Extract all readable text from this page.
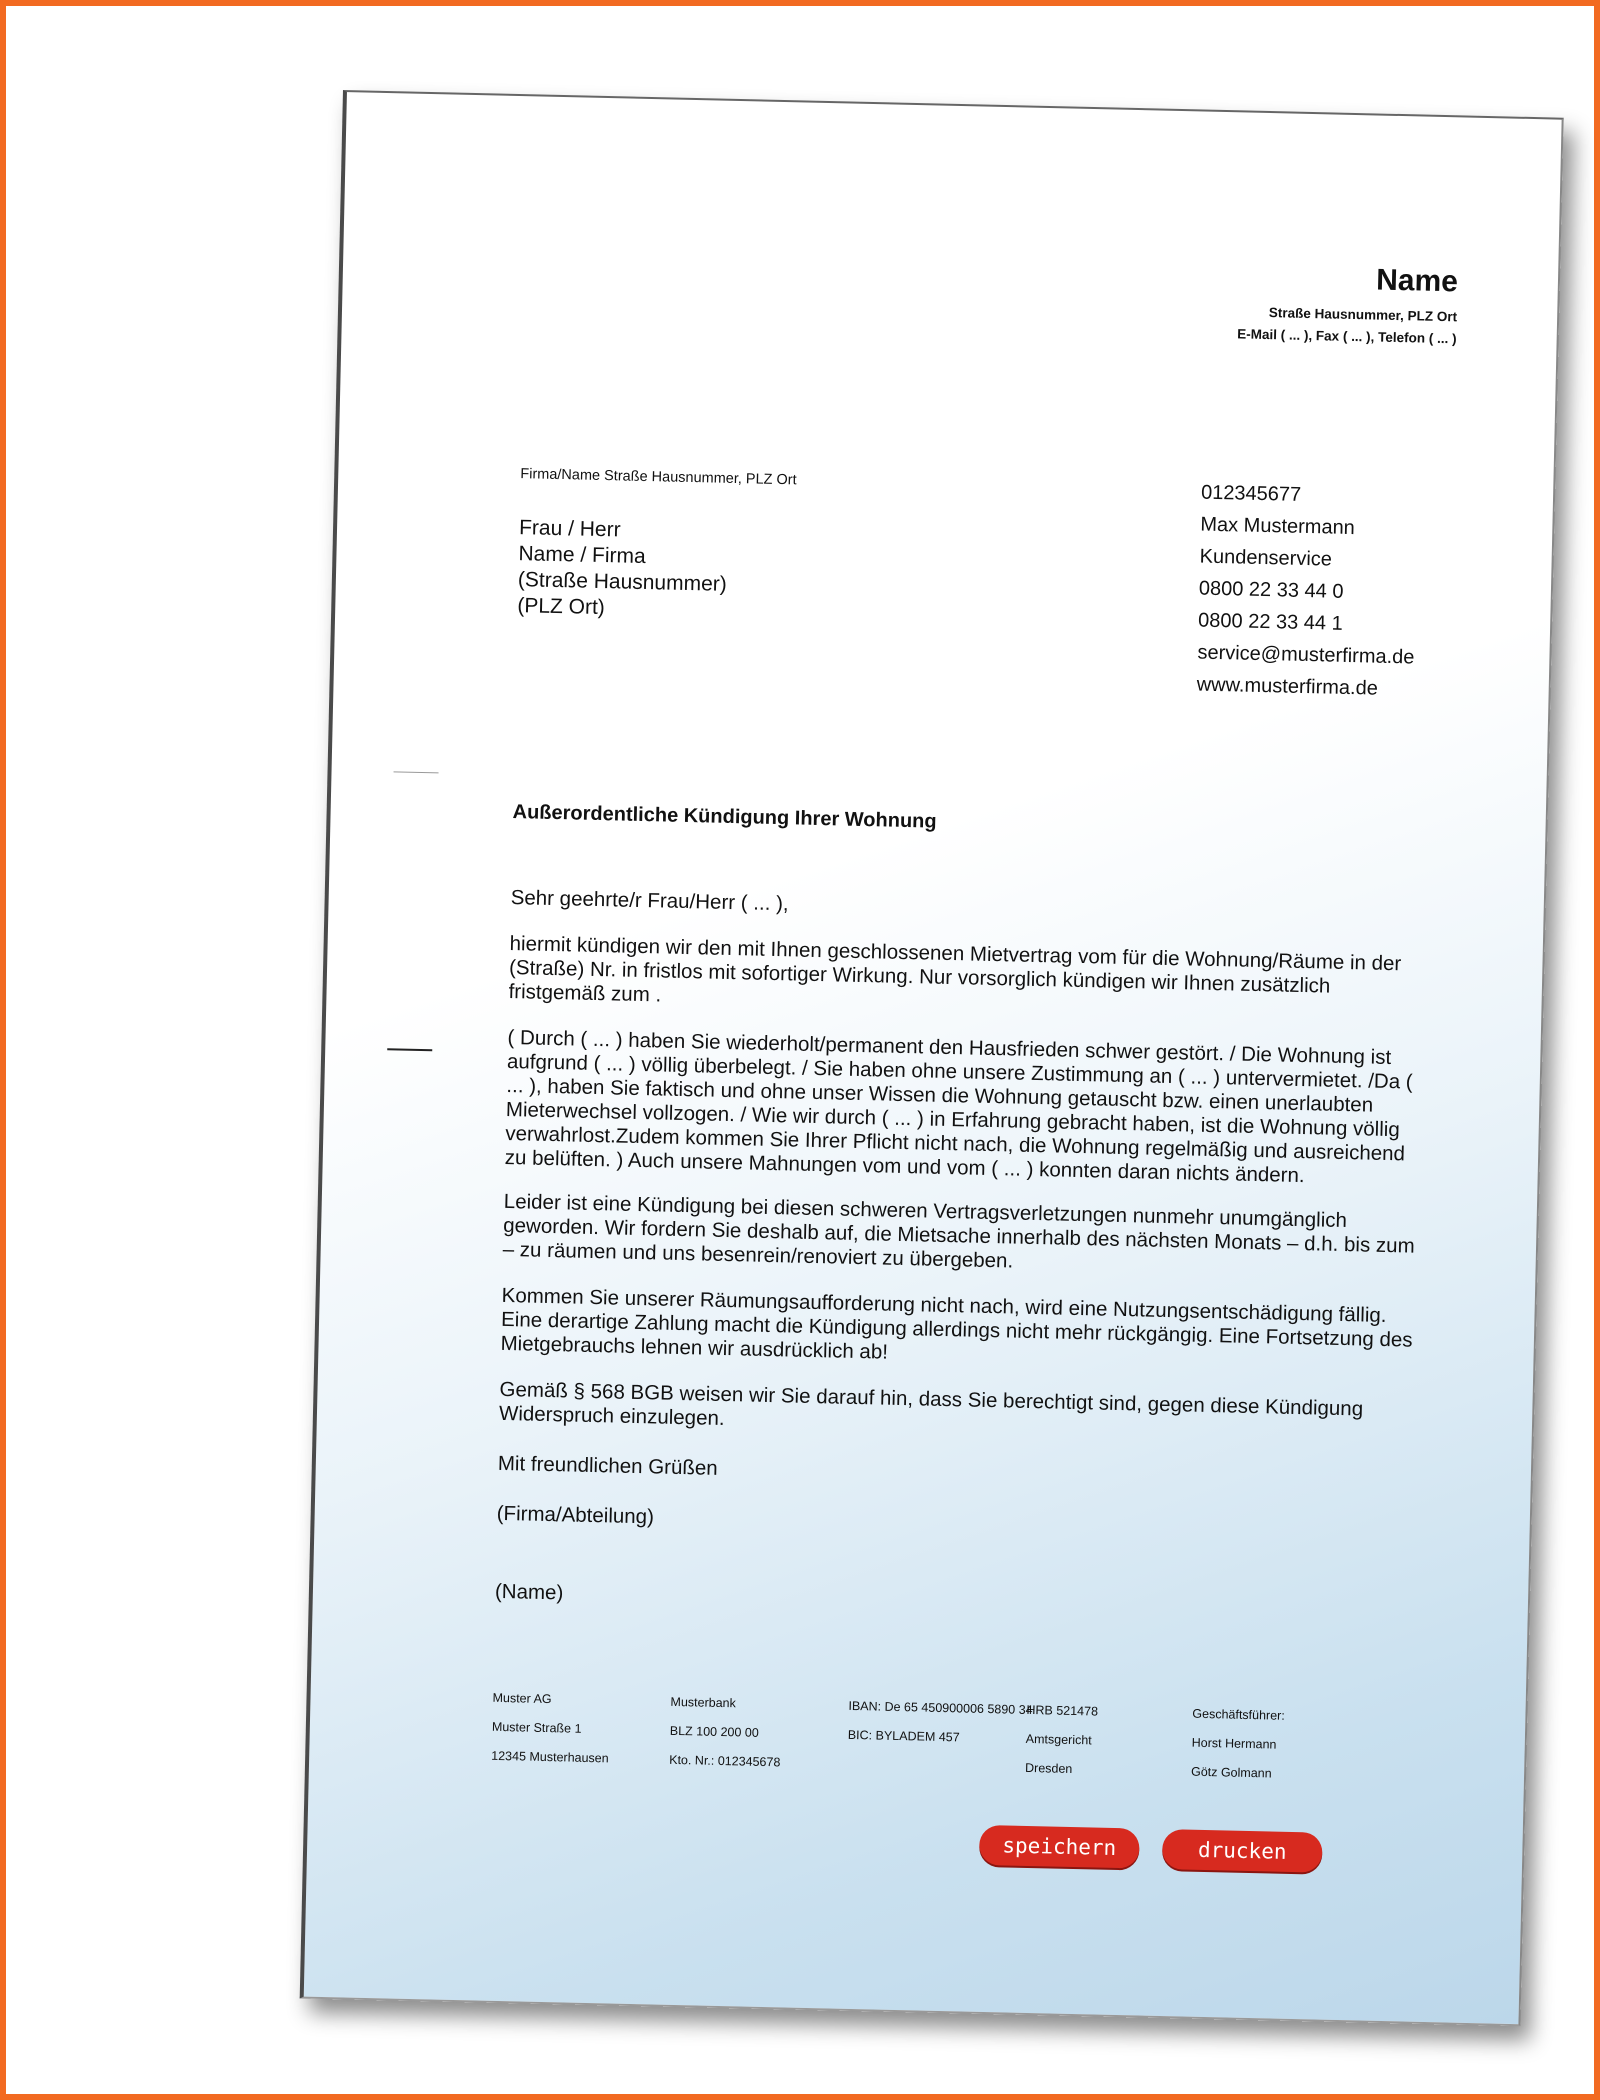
Name
Straße Hausnummer, PLZ Ort
E-Mail ( ... ), Fax ( ... ), Telefon ( ... )
Firma/Name Straße Hausnummer, PLZ Ort
Frau / Herr
Name / Firma
(Straße Hausnummer)
(PLZ Ort)
012345677
Max Mustermann
Kundenservice
0800 22 33 44 0
0800 22 33 44 1
service@musterfirma.de
www.musterfirma.de
Außerordentliche Kündigung Ihrer Wohnung
Sehr geehrte/r Frau/Herr ( ... ),
hiermit kündigen wir den mit Ihnen geschlossenen Mietvertrag vom für die Wohnung/Räume in der (Straße) Nr. in fristlos mit sofortiger Wirkung. Nur vorsorglich kündigen wir Ihnen zusätzlich fristgemäß zum .
( Durch ( ... ) haben Sie wiederholt/permanent den Hausfrieden schwer gestört. / Die Wohnung ist aufgrund ( ... ) völlig überbelegt. / Sie haben ohne unsere Zustimmung an ( ... ) untervermietet. /Da ( ... ), haben Sie faktisch und ohne unser Wissen die Wohnung getauscht bzw. einen unerlaubten Mieterwechsel vollzogen. / Wie wir durch ( ... ) in Erfahrung gebracht haben, ist die Wohnung völlig verwahrlost.Zudem kommen Sie Ihrer Pflicht nicht nach, die Wohnung regelmäßig und ausreichend zu belüften. ) Auch unsere Mahnungen vom und vom ( ... ) konnten daran nichts ändern.
Leider ist eine Kündigung bei diesen schweren Vertragsverletzungen nunmehr unumgänglich geworden. Wir fordern Sie deshalb auf, die Mietsache innerhalb des nächsten Monats – d.h. bis zum – zu räumen und uns besenrein/renoviert zu übergeben.
Kommen Sie unserer Räumungsaufforderung nicht nach, wird eine Nutzungsentschädigung fällig. Eine derartige Zahlung macht die Kündigung allerdings nicht mehr rückgängig. Eine Fortsetzung des Mietgebrauchs lehnen wir ausdrücklich ab!
Gemäß § 568 BGB weisen wir Sie darauf hin, dass Sie berechtigt sind, gegen diese Kündigung Widerspruch einzulegen.
Mit freundlichen Grüßen
(Firma/Abteilung)
(Name)
Muster AG
Muster Straße 1
12345 Musterhausen
Musterbank
BLZ 100 200 00
Kto. Nr.: 012345678
IBAN: De 65 450900006 5890 34
BIC: BYLADEM 457
HRB 521478
Amtsgericht
Dresden
Geschäftsführer:
Horst Hermann
Götz Golmann
speichern	drucken
